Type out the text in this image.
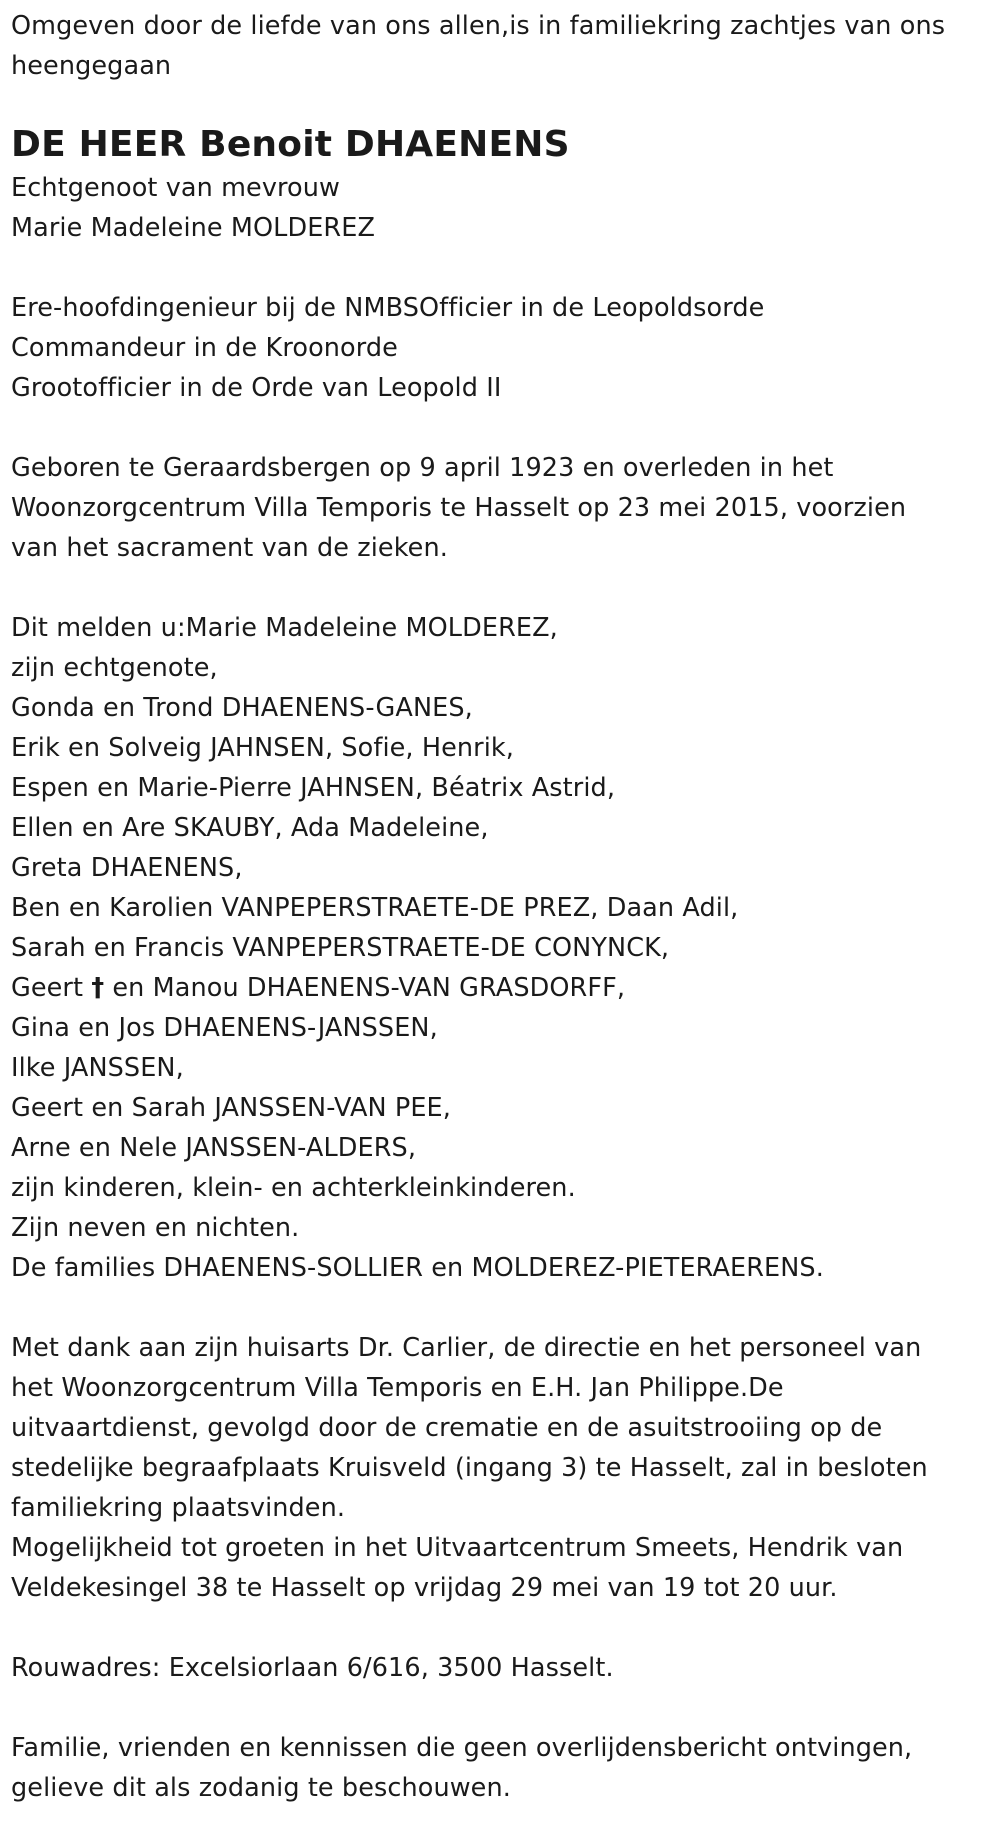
Omgeven door de liefde van ons allen,is in familiekring zachtjes van ons
heengegaan
DE HEER Benoit DHAENENS
Echtgenoot van mevrouw
Marie Madeleine MOLDEREZ
Ere-hoofdingenieur bij de NMBSOfficier in de Leopoldsorde
Commandeur in de Kroonorde
Grootofficier in de Orde van Leopold II
Geboren te Geraardsbergen op 9 april 1923 en overleden in het
Woonzorgcentrum Villa Temporis te Hasselt op 23 mei 2015, voorzien
van het sacrament van de zieken.
Dit melden u:Marie Madeleine MOLDEREZ,
zijn echtgenote,
Gonda en Trond DHAENENS-GANES,
Erik en Solveig JAHNSEN, Sofie, Henrik,
Espen en Marie-Pierre JAHNSEN, Béatrix Astrid,
Ellen en Are SKAUBY, Ada Madeleine,
Greta DHAENENS,
Ben en Karolien VANPEPERSTRAETE-DE PREZ, Daan Adil,
Sarah en Francis VANPEPERSTRAETE-DE CONYNCK,
Geert † en Manou DHAENENS-VAN GRASDORFF,
Gina en Jos DHAENENS-JANSSEN,
Ilke JANSSEN,
Geert en Sarah JANSSEN-VAN PEE,
Arne en Nele JANSSEN-ALDERS,
zijn kinderen, klein- en achterkleinkinderen.
Zijn neven en nichten.
De families DHAENENS-SOLLIER en MOLDEREZ-PIETERAERENS.
Met dank aan zijn huisarts Dr. Carlier, de directie en het personeel van
het Woonzorgcentrum Villa Temporis en E.H. Jan Philippe.De
uitvaartdienst, gevolgd door de crematie en de asuitstrooiing op de
stedelijke begraafplaats Kruisveld (ingang 3) te Hasselt, zal in besloten
familiekring plaatsvinden.
Mogelijkheid tot groeten in het Uitvaartcentrum Smeets, Hendrik van
Veldekesingel 38 te Hasselt op vrijdag 29 mei van 19 tot 20 uur.
Rouwadres: Excelsiorlaan 6/616, 3500 Hasselt.
Familie, vrienden en kennissen die geen overlijdensbericht ontvingen,
gelieve dit als zodanig te beschouwen.
